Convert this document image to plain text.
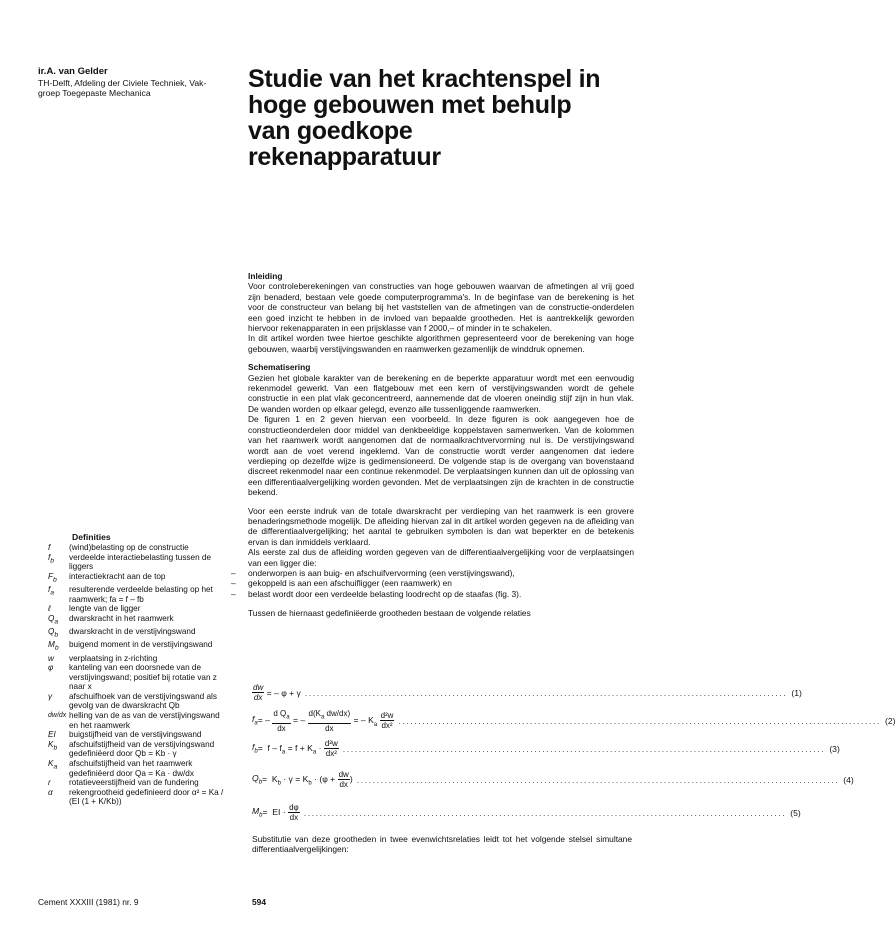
ir.A. van Gelder
TH-Delft, Afdeling der Civiele Techniek, Vak-
groep Toegepaste Mechanica	Studie van het krachtenspel in
hoge gebouwen met behulp
van goedkope
rekenapparatuur

Inleiding

Voor controleberekeningen van constructies van hoge gebouwen waarvan de afmetingen al vrij goed zijn benaderd, bestaan vele goede computerprogramma's. In de beginfase van de berekening is het voor de constructeur van belang bij het vaststellen van de afmetingen van de constructie-onderdelen een goed inzicht te hebben in de invloed van bepaalde grootheden. Het is aantrekkelijk geworden hiervoor rekenapparaten in een prijsklasse van f 2000,– of minder in te schakelen.

In dit artikel worden twee hiertoe geschikte algorithmen gepresenteerd voor de berekening van hoge gebouwen, waarbij verstijvingswanden en raamwerken gezamenlijk de winddruk opnemen.

Schematisering

Gezien het globale karakter van de berekening en de beperkte apparatuur wordt met een eenvoudig rekenmodel gewerkt. Van een flatgebouw met een kern of verstijvingswanden wordt de gehele constructie in een plat vlak geconcentreerd, aannemende dat de vloeren oneindig stijf zijn in hun vlak. De wanden worden op elkaar gelegd, evenzo alle tussenliggende raamwerken.

De figuren 1 en 2 geven hiervan een voorbeeld. In deze figuren is ook aangegeven hoe de constructieonderdelen door middel van denkbeeldige koppelstaven samenwerken. Van de kolommen van het raamwerk wordt aangenomen dat de normaalkrachtvervorming nul is. De verstijvingswand wordt aan de voet verend ingeklemd. Van de constructie wordt verder aangenomen dat iedere verdieping op dezelfde wijze is gedimensioneerd. De volgende stap is de overgang van bovenstaand discreet rekenmodel naar een continue rekenmodel. De verplaatsingen kunnen dan uit de oplossing van een differentiaalvergelijking worden gevonden. Met de verplaatsingen zijn de krachten in de constructie bekend.

Voor een eerste indruk van de totale dwarskracht per verdieping van het raamwerk is een grovere benaderingsmethode mogelijk. De afleiding hiervan zal in dit artikel worden gegeven na de afleiding van de differentiaalvergelijking; het aantal te gebruiken symbolen is dan wat beperkter en de betekenis ervan is dan inmiddels verklaard.

Als eerste zal dus de afleiding worden gegeven van de differentiaalvergelijking voor de verplaatsingen van een ligger die:

– onderworpen is aan buig- en afschuifvervorming (een verstijvingswand),
– gekoppeld is aan een afschuifligger (een raamwerk) en
– belast wordt door een verdeelde belasting loodrecht op de staafas (fig. 3).

Tussen de hiernaast gedefiniëerde grootheden bestaan de volgende relaties

$\frac{dw}{dx}$ = – φ + γ ......................................................................................................................... (1)
$f_a$ = – $\frac{d Q_a}{dx}$ = – $\frac{d(K_a dw/dx)}{dx}$ = – $K_a \frac{\text{d²w}}{\text{dx²}}$ ......................................................................................................................... (2)
$f_b = f - f_a = f + K_a \cdot \frac{\text{d²w}}{\text{dx²}}$ ......................................................................................................................... (3)
$Q_b = K_b \cdot \gamma = K_b \cdot (\varphi + \frac{dw}{dx}$ ) ......................................................................................................................... (4)
$M_b$ =  EI · $\frac{d\varphi}{dx}$ ......................................................................................................................... (5)
Substitutie van deze grootheden in twee evenwichtsrelaties leidt tot het volgende stelsel simultane differentiaalvergelijkingen:
Definities
f	(wind)belasting op de constructie
$f_b$	verdeelde interactiebelasting tussen de liggers
$F_b$	interactiekracht aan de top
$f_a$	resulterende verdeelde belasting op het raamwerk; fa = f – fb
ℓ	lengte van de ligger
$Q_a$	dwarskracht in het raamwerk
$Q_b$	dwarskracht in de verstijvingswand
$M_b$	buigend moment in de verstijvingswand
w	verplaatsing in z-richting
φ	kanteling van een doorsnede van de verstijvingswand; positief bij rotatie van z naar x
γ	afschuifhoek van de verstijvingswand als gevolg van de dwarskracht Qb
dw/dx helling van de as van de verstijvingswand en het raamwerk
EI	buigstijfheid van de verstijvingswand
$K_b$	afschuifstijfheid van de verstijvingswand gedefiniëerd door Qb = Kb · γ
$K_a$	afschuifstijfheid van het raamwerk gedefiniëerd door Qa = Ka · dw/dx
r	rotatieveerstijfheid van de fundering
α	rekengrootheid gedefinieerd door α² = Ka / (EI (1 + K/Kb))
Cement XXXIII (1981) nr. 9	594
